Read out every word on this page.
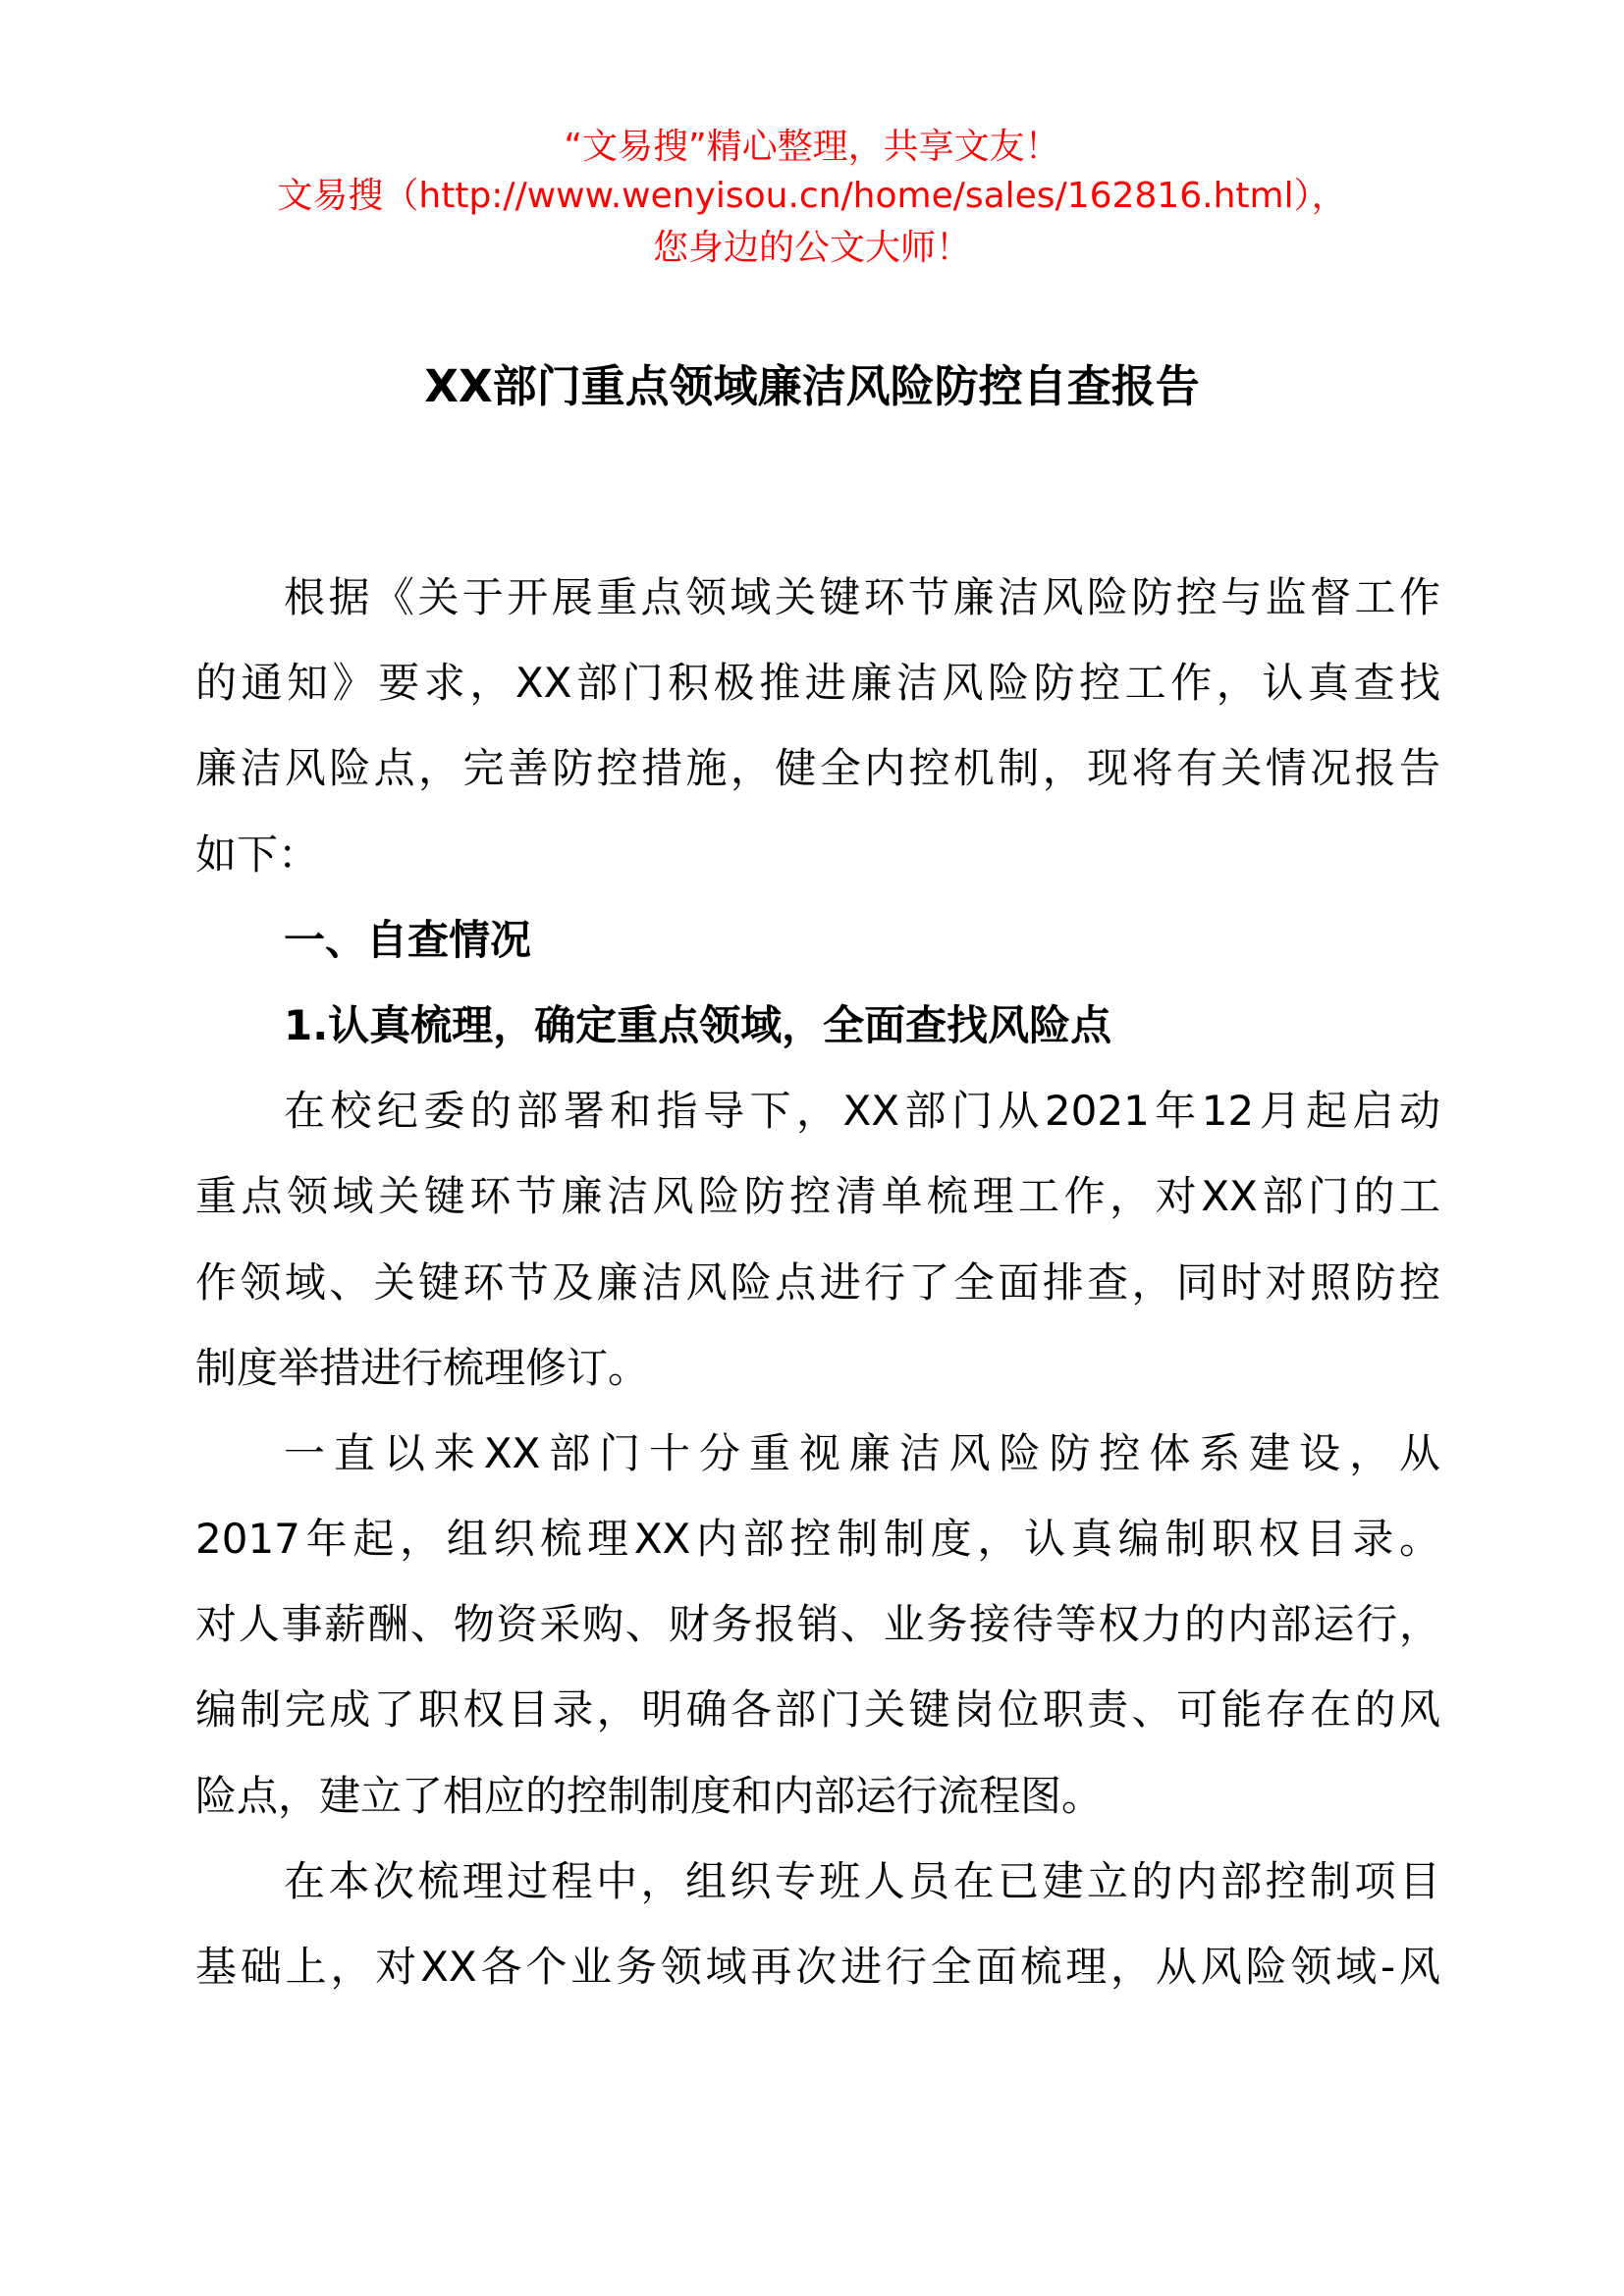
“文易搜”精心整理，共享文友！
文易搜（http://www.wenyisou.cn/home/sales/162816.html），
您身边的公文大师！
XX部门重点领域廉洁风险防控自查报告
根据《关于开展重点领域关键环节廉洁风险防控与监督工作
的通知》要求，XX部门积极推进廉洁风险防控工作，认真查找
廉洁风险点，完善防控措施，健全内控机制，现将有关情况报告
如下：
一、自查情况
1.认真梳理，确定重点领域，全面查找风险点
在校纪委的部署和指导下，XX部门从2021年12月起启动
重点领域关键环节廉洁风险防控清单梳理工作，对XX部门的工
作领域、关键环节及廉洁风险点进行了全面排查，同时对照防控
制度举措进行梳理修订。
一直以来XX部门十分重视廉洁风险防控体系建设，从
2017年起，组织梳理XX内部控制制度，认真编制职权目录。
对人事薪酬、物资采购、财务报销、业务接待等权力的内部运行，
编制完成了职权目录，明确各部门关键岗位职责、可能存在的风
险点，建立了相应的控制制度和内部运行流程图。
在本次梳理过程中，组织专班人员在已建立的内部控制项目
基础上，对XX各个业务领域再次进行全面梳理，从风险领域-风
